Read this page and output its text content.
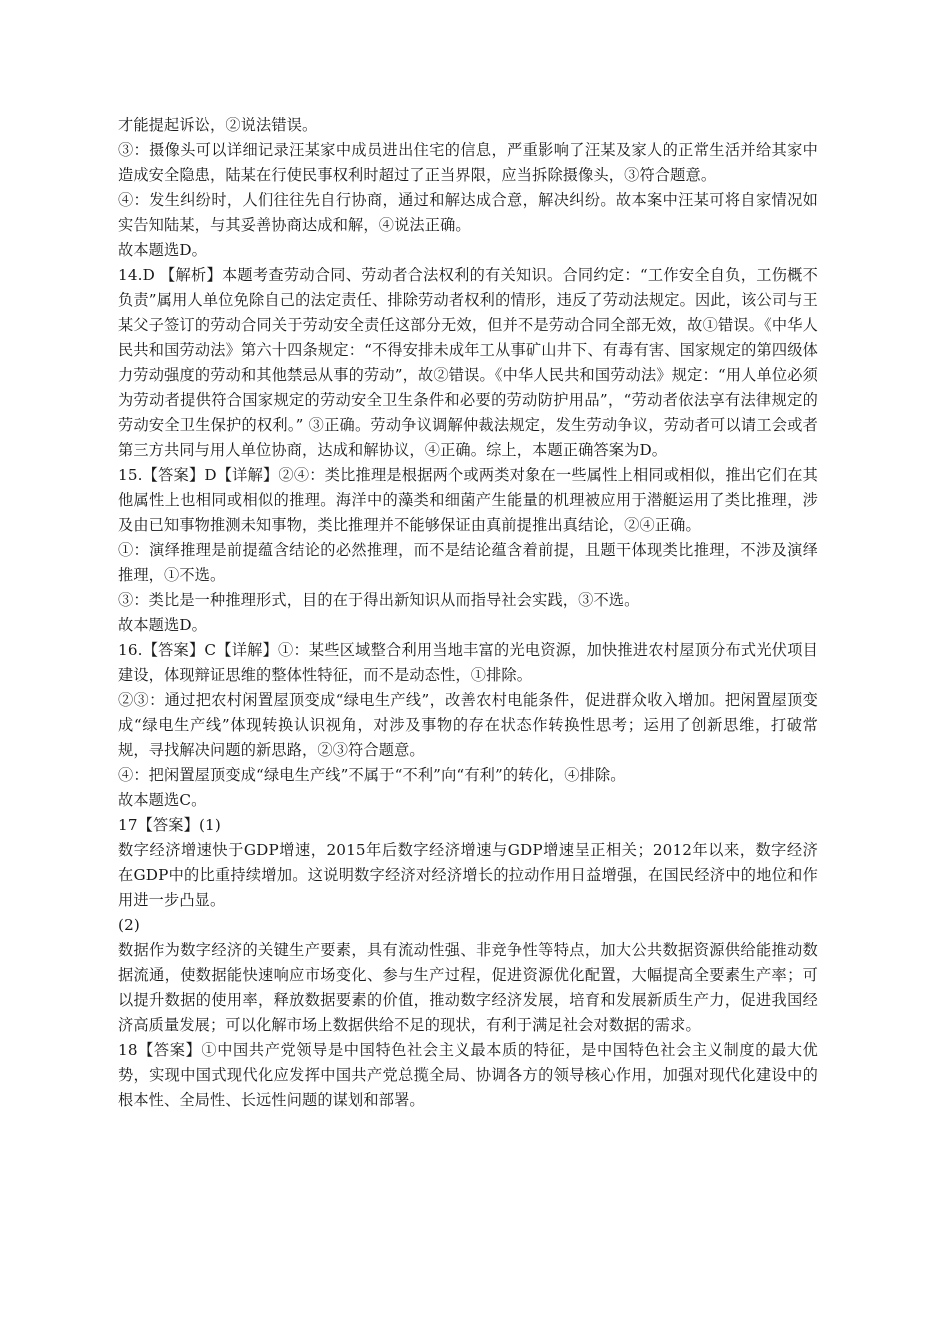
才能提起诉讼，②说法错误。

③：摄像头可以详细记录汪某家中成员进出住宅的信息，严重影响了汪某及家人的正常生活并给其家中造成安全隐患，陆某在行使民事权利时超过了正当界限，应当拆除摄像头，③符合题意。

④：发生纠纷时，人们往往先自行协商，通过和解达成合意，解决纠纷。故本案中汪某可将自家情况如实告知陆某，与其妥善协商达成和解，④说法正确。

故本题选D。

14.D 【解析】本题考查劳动合同、劳动者合法权利的有关知识。合同约定：“工作安全自负，工伤概不负责”属用人单位免除自己的法定责任、排除劳动者权利的情形，违反了劳动法规定。因此，该公司与王某父子签订的劳动合同关于劳动安全责任这部分无效，但并不是劳动合同全部无效，故①错误。《中华人民共和国劳动法》第六十四条规定：“不得安排未成年工从事矿山井下、有毒有害、国家规定的第四级体力劳动强度的劳动和其他禁忌从事的劳动”，故②错误。《中华人民共和国劳动法》规定：“用人单位必须为劳动者提供符合国家规定的劳动安全卫生条件和必要的劳动防护用品”，“劳动者依法享有法律规定的劳动安全卫生保护的权利。” ③正确。劳动争议调解仲裁法规定，发生劳动争议，劳动者可以请工会或者第三方共同与用人单位协商，达成和解协议，④正确。综上，本题正确答案为D。

15.【答案】D【详解】②④：类比推理是根据两个或两类对象在一些属性上相同或相似，推出它们在其他属性上也相同或相似的推理。海洋中的藻类和细菌产生能量的机理被应用于潜艇运用了类比推理，涉及由已知事物推测未知事物，类比推理并不能够保证由真前提推出真结论，②④正确。

①：演绎推理是前提蕴含结论的必然推理，而不是结论蕴含着前提，且题干体现类比推理，不涉及演绎推理，①不选。

③：类比是一种推理形式，目的在于得出新知识从而指导社会实践，③不选。

故本题选D。

16.【答案】C【详解】①：某些区域整合利用当地丰富的光电资源，加快推进农村屋顶分布式光伏项目建设，体现辩证思维的整体性特征，而不是动态性，①排除。

②③：通过把农村闲置屋顶变成“绿电生产线”，改善农村电能条件，促进群众收入增加。把闲置屋顶变成“绿电生产线”体现转换认识视角，对涉及事物的存在状态作转换性思考；运用了创新思维，打破常规，寻找解决问题的新思路，②③符合题意。

④：把闲置屋顶变成“绿电生产线”不属于“不利”向“有利”的转化，④排除。

故本题选C。

17【答案】(1)

数字经济增速快于GDP增速，2015年后数字经济增速与GDP增速呈正相关；2012年以来，数字经济在GDP中的比重持续增加。这说明数字经济对经济增长的拉动作用日益增强，在国民经济中的地位和作用进一步凸显。

(2)

数据作为数字经济的关键生产要素，具有流动性强、非竞争性等特点，加大公共数据资源供给能推动数据流通，使数据能快速响应市场变化、参与生产过程，促进资源优化配置，大幅提高全要素生产率；可以提升数据的使用率，释放数据要素的价值，推动数字经济发展，培育和发展新质生产力，促进我国经济高质量发展；可以化解市场上数据供给不足的现状，有利于满足社会对数据的需求。

18【答案】①中国共产党领导是中国特色社会主义最本质的特征，是中国特色社会主义制度的最大优势，实现中国式现代化应发挥中国共产党总揽全局、协调各方的领导核心作用，加强对现代化建设中的根本性、全局性、长远性问题的谋划和部署。
